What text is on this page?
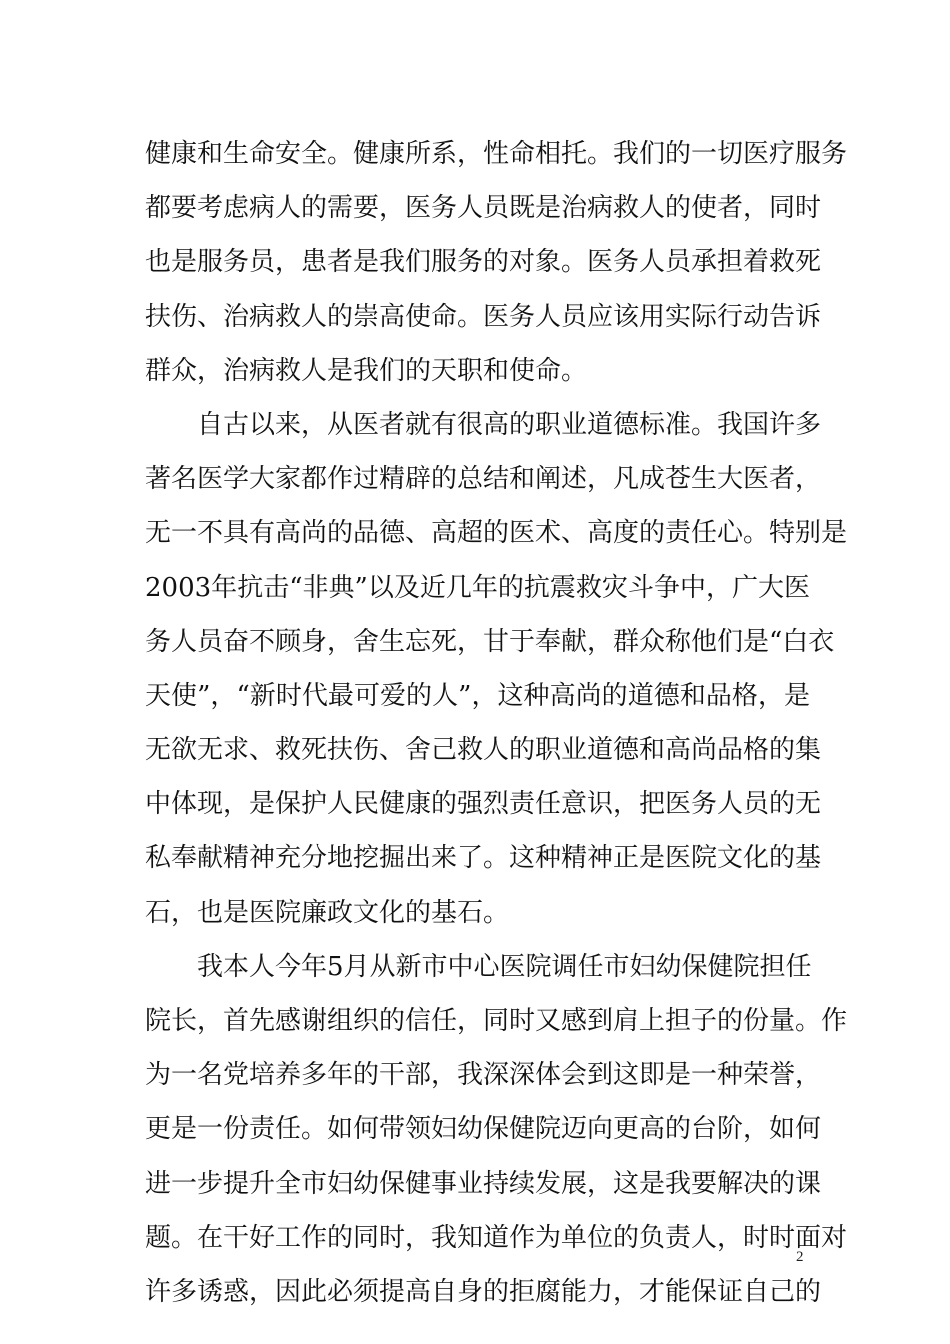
健康和生命安全。健康所系，性命相托。我们的一切医疗服务
都要考虑病人的需要，医务人员既是治病救人的使者，同时
也是服务员，患者是我们服务的对象。医务人员承担着救死
扶伤、治病救人的崇高使命。医务人员应该用实际行动告诉
群众，治病救人是我们的天职和使命。
自古以来，从医者就有很高的职业道德标准。我国许多
著名医学大家都作过精辟的总结和阐述，凡成苍生大医者，
无一不具有高尚的品德、高超的医术、高度的责任心。特别是
2003年抗击“非典”以及近几年的抗震救灾斗争中，广大医
务人员奋不顾身，舍生忘死，甘于奉献，群众称他们是“白衣
天使”，“新时代最可爱的人”，这种高尚的道德和品格，是
无欲无求、救死扶伤、舍己救人的职业道德和高尚品格的集
中体现，是保护人民健康的强烈责任意识，把医务人员的无
私奉献精神充分地挖掘出来了。这种精神正是医院文化的基
石，也是医院廉政文化的基石。
我本人今年5月从新市中心医院调任市妇幼保健院担任
院长，首先感谢组织的信任，同时又感到肩上担子的份量。作
为一名党培养多年的干部，我深深体会到这即是一种荣誉，
更是一份责任。如何带领妇幼保健院迈向更高的台阶，如何
进一步提升全市妇幼保健事业持续发展，这是我要解决的课
题。在干好工作的同时，我知道作为单位的负责人，时时面对
许多诱惑，因此必须提高自身的拒腐能力，才能保证自己的
2
